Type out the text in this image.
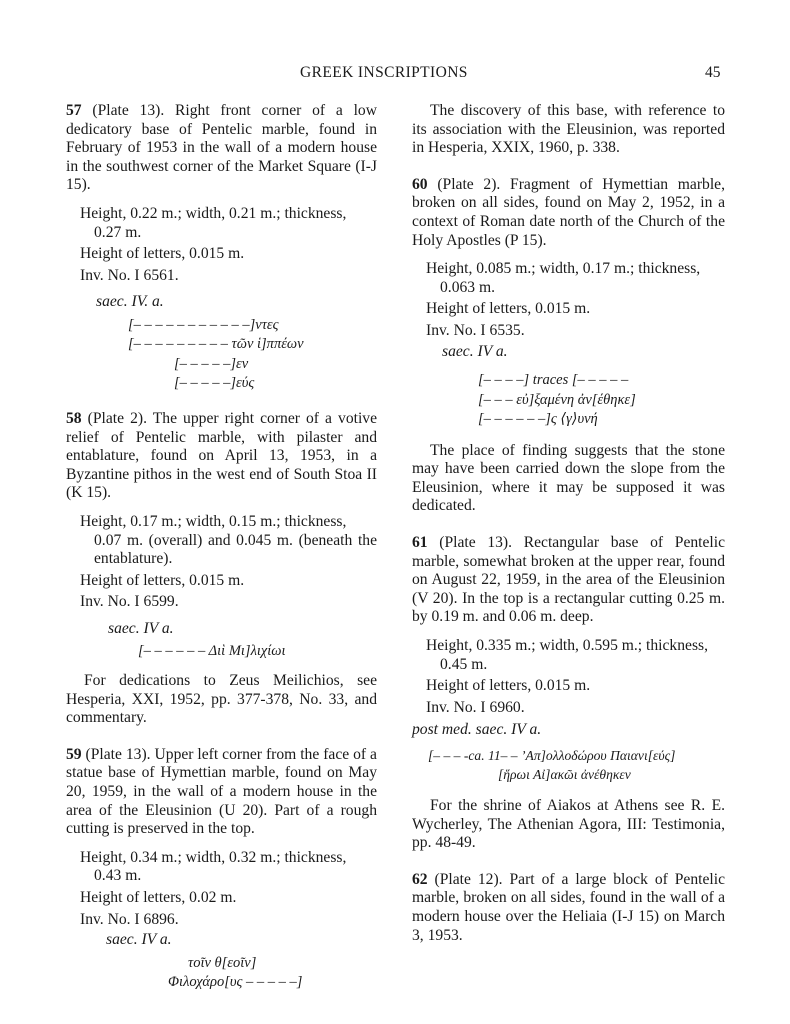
GREEK INSCRIPTIONS	45

57 (Plate 13). Right front corner of a low dedicatory base of Pentelic marble, found in February of 1953 in the wall of a modern house in the southwest corner of the Market Square (I-J 15).

Height, 0.22 m.; width, 0.21 m.; thickness,
0.27 m.
Height of letters, 0.015 m.
Inv. No. I 6561.
saec. IV. a.
[– – – – – – – – – – –]ντες
[– – – – – – – – – τῶν ἱ]ππέων
[– – – – –]εν
[– – – – –]εύς

58 (Plate 2). The upper right corner of a votive relief of Pentelic marble, with pilaster and entablature, found on April 13, 1953, in a Byzantine pithos in the west end of South Stoa II (K 15).

Height, 0.17 m.; width, 0.15 m.; thickness,
0.07 m. (overall) and 0.045 m. (beneath the entablature).
Height of letters, 0.015 m.
Inv. No. I 6599.
saec. IV a.
[– – – – – – Διὶ Μι]λιχίωι

For dedications to Zeus Meilichios, see Hesperia, XXI, 1952, pp. 377-378, No. 33, and commentary.

59 (Plate 13). Upper left corner from the face of a statue base of Hymettian marble, found on May 20, 1959, in the wall of a modern house in the area of the Eleusinion (U 20). Part of a rough cutting is preserved in the top.

Height, 0.34 m.; width, 0.32 m.; thickness,
0.43 m.
Height of letters, 0.02 m.
Inv. No. I 6896.
saec. IV a.
τοῖν θ[εοῖν]
Φιλοχάρο[υς – – – – –]

The discovery of this base, with reference to its association with the Eleusinion, was reported in Hesperia, XXIX, 1960, p. 338.

60 (Plate 2). Fragment of Hymettian marble, broken on all sides, found on May 2, 1952, in a context of Roman date north of the Church of the Holy Apostles (P 15).

Height, 0.085 m.; width, 0.17 m.; thickness,
0.063 m.
Height of letters, 0.015 m.
Inv. No. I 6535.
saec. IV a.
[– – – –] traces [– – – – –
[– – – εὐ]ξαμένη ἀν[έθηκε]
[– – – – – –]ς ⟨γ⟩υνή

The place of finding suggests that the stone may have been carried down the slope from the Eleusinion, where it may be supposed it was dedicated.

61 (Plate 13). Rectangular base of Pentelic marble, somewhat broken at the upper rear, found on August 22, 1959, in the area of the Eleusinion (V 20). In the top is a rectangular cutting 0.25 m. by 0.19 m. and 0.06 m. deep.

Height, 0.335 m.; width, 0.595 m.; thickness,
0.45 m.
Height of letters, 0.015 m.
Inv. No. I 6960.
post med. saec. IV a.
[– – – -ca. 11– – ’Απ]ολλοδώρου Παιανι[εύς]
[ἥρωι Αἰ]ακῶι ἀνέθηκεν

For the shrine of Aiakos at Athens see R. E. Wycherley, The Athenian Agora, III: Testimonia, pp. 48-49.

62 (Plate 12). Part of a large block of Pentelic marble, broken on all sides, found in the wall of a modern house over the Heliaia (I-J 15) on March 3, 1953.
